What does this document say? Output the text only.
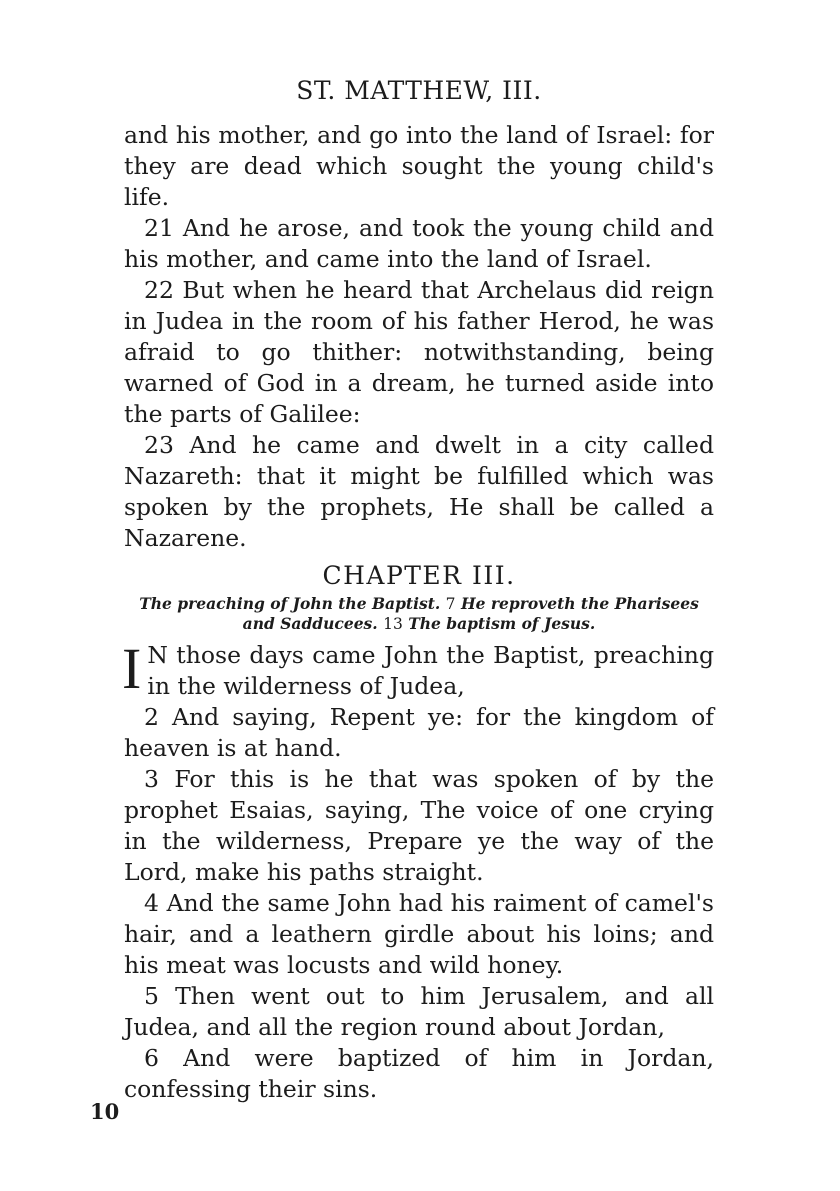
ST. MATTHEW, III.

and his mother, and go into the land of Israel: for they are dead which sought the young child's life.

21 And he arose, and took the young child and his mother, and came into the land of Israel.

22 But when he heard that Archelaus did reign in Judea in the room of his father Herod, he was afraid to go thither: notwithstanding, being warned of God in a dream, he turned aside into the parts of Galilee:

23 And he came and dwelt in a city called Nazareth: that it might be fulfilled which was spoken by the prophets, He shall be called a Nazarene.

CHAPTER III.
The preaching of John the Baptist. 7 He reproveth the Pharisees
and Sadducees. 13 The baptism of Jesus.

I N those days came John the Baptist, preaching in the wilderness of Judea,

2 And saying, Repent ye: for the kingdom of heaven is at hand.

3 For this is he that was spoken of by the prophet Esaias, saying, The voice of one crying in the wilderness, Prepare ye the way of the Lord, make his paths straight.

4 And the same John had his raiment of camel's hair, and a leathern girdle about his loins; and his meat was locusts and wild honey.

5 Then went out to him Jerusalem, and all Judea, and all the region round about Jordan,

6 And were baptized of him in Jordan, confessing their sins.

10
